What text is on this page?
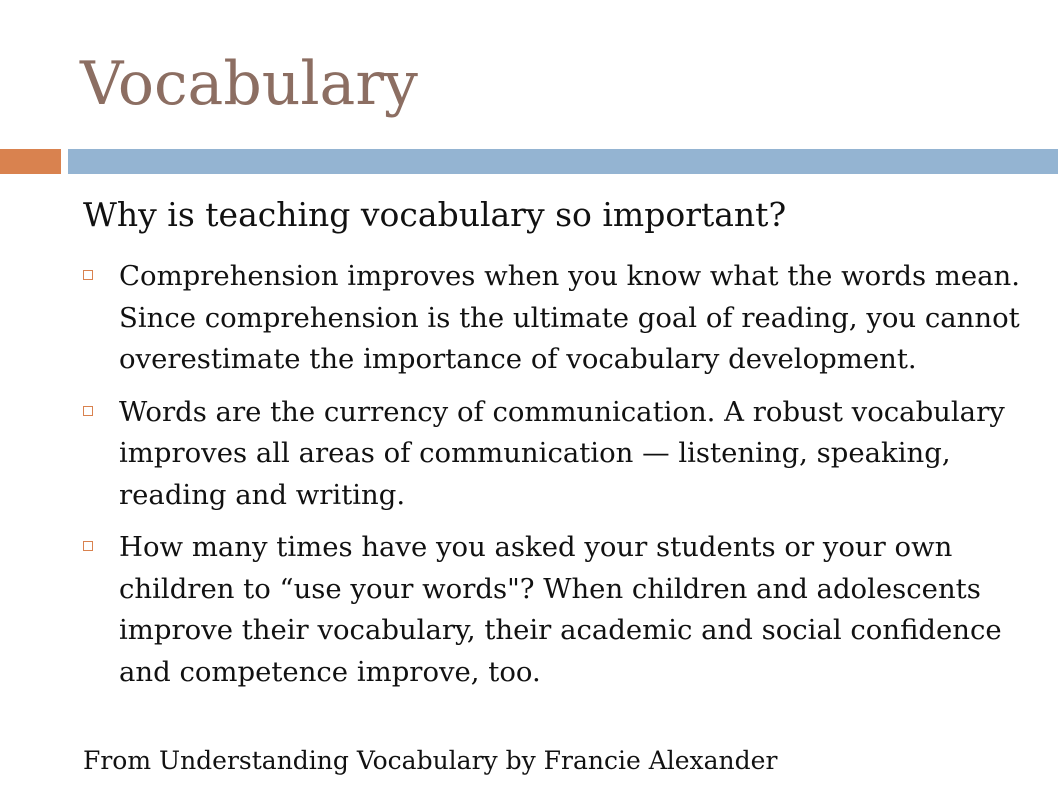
Vocabulary
Why is teaching vocabulary so important?
Comprehension improves when you know what the words mean. Since comprehension is the ultimate goal of reading, you cannot overestimate the importance of vocabulary development.
Words are the currency of communication. A robust vocabulary improves all areas of communication — listening, speaking, reading and writing.
How many times have you asked your students or your own children to “use your words"? When children and adolescents improve their vocabulary, their academic and social confidence and competence improve, too.

From Understanding Vocabulary by Francie Alexander
